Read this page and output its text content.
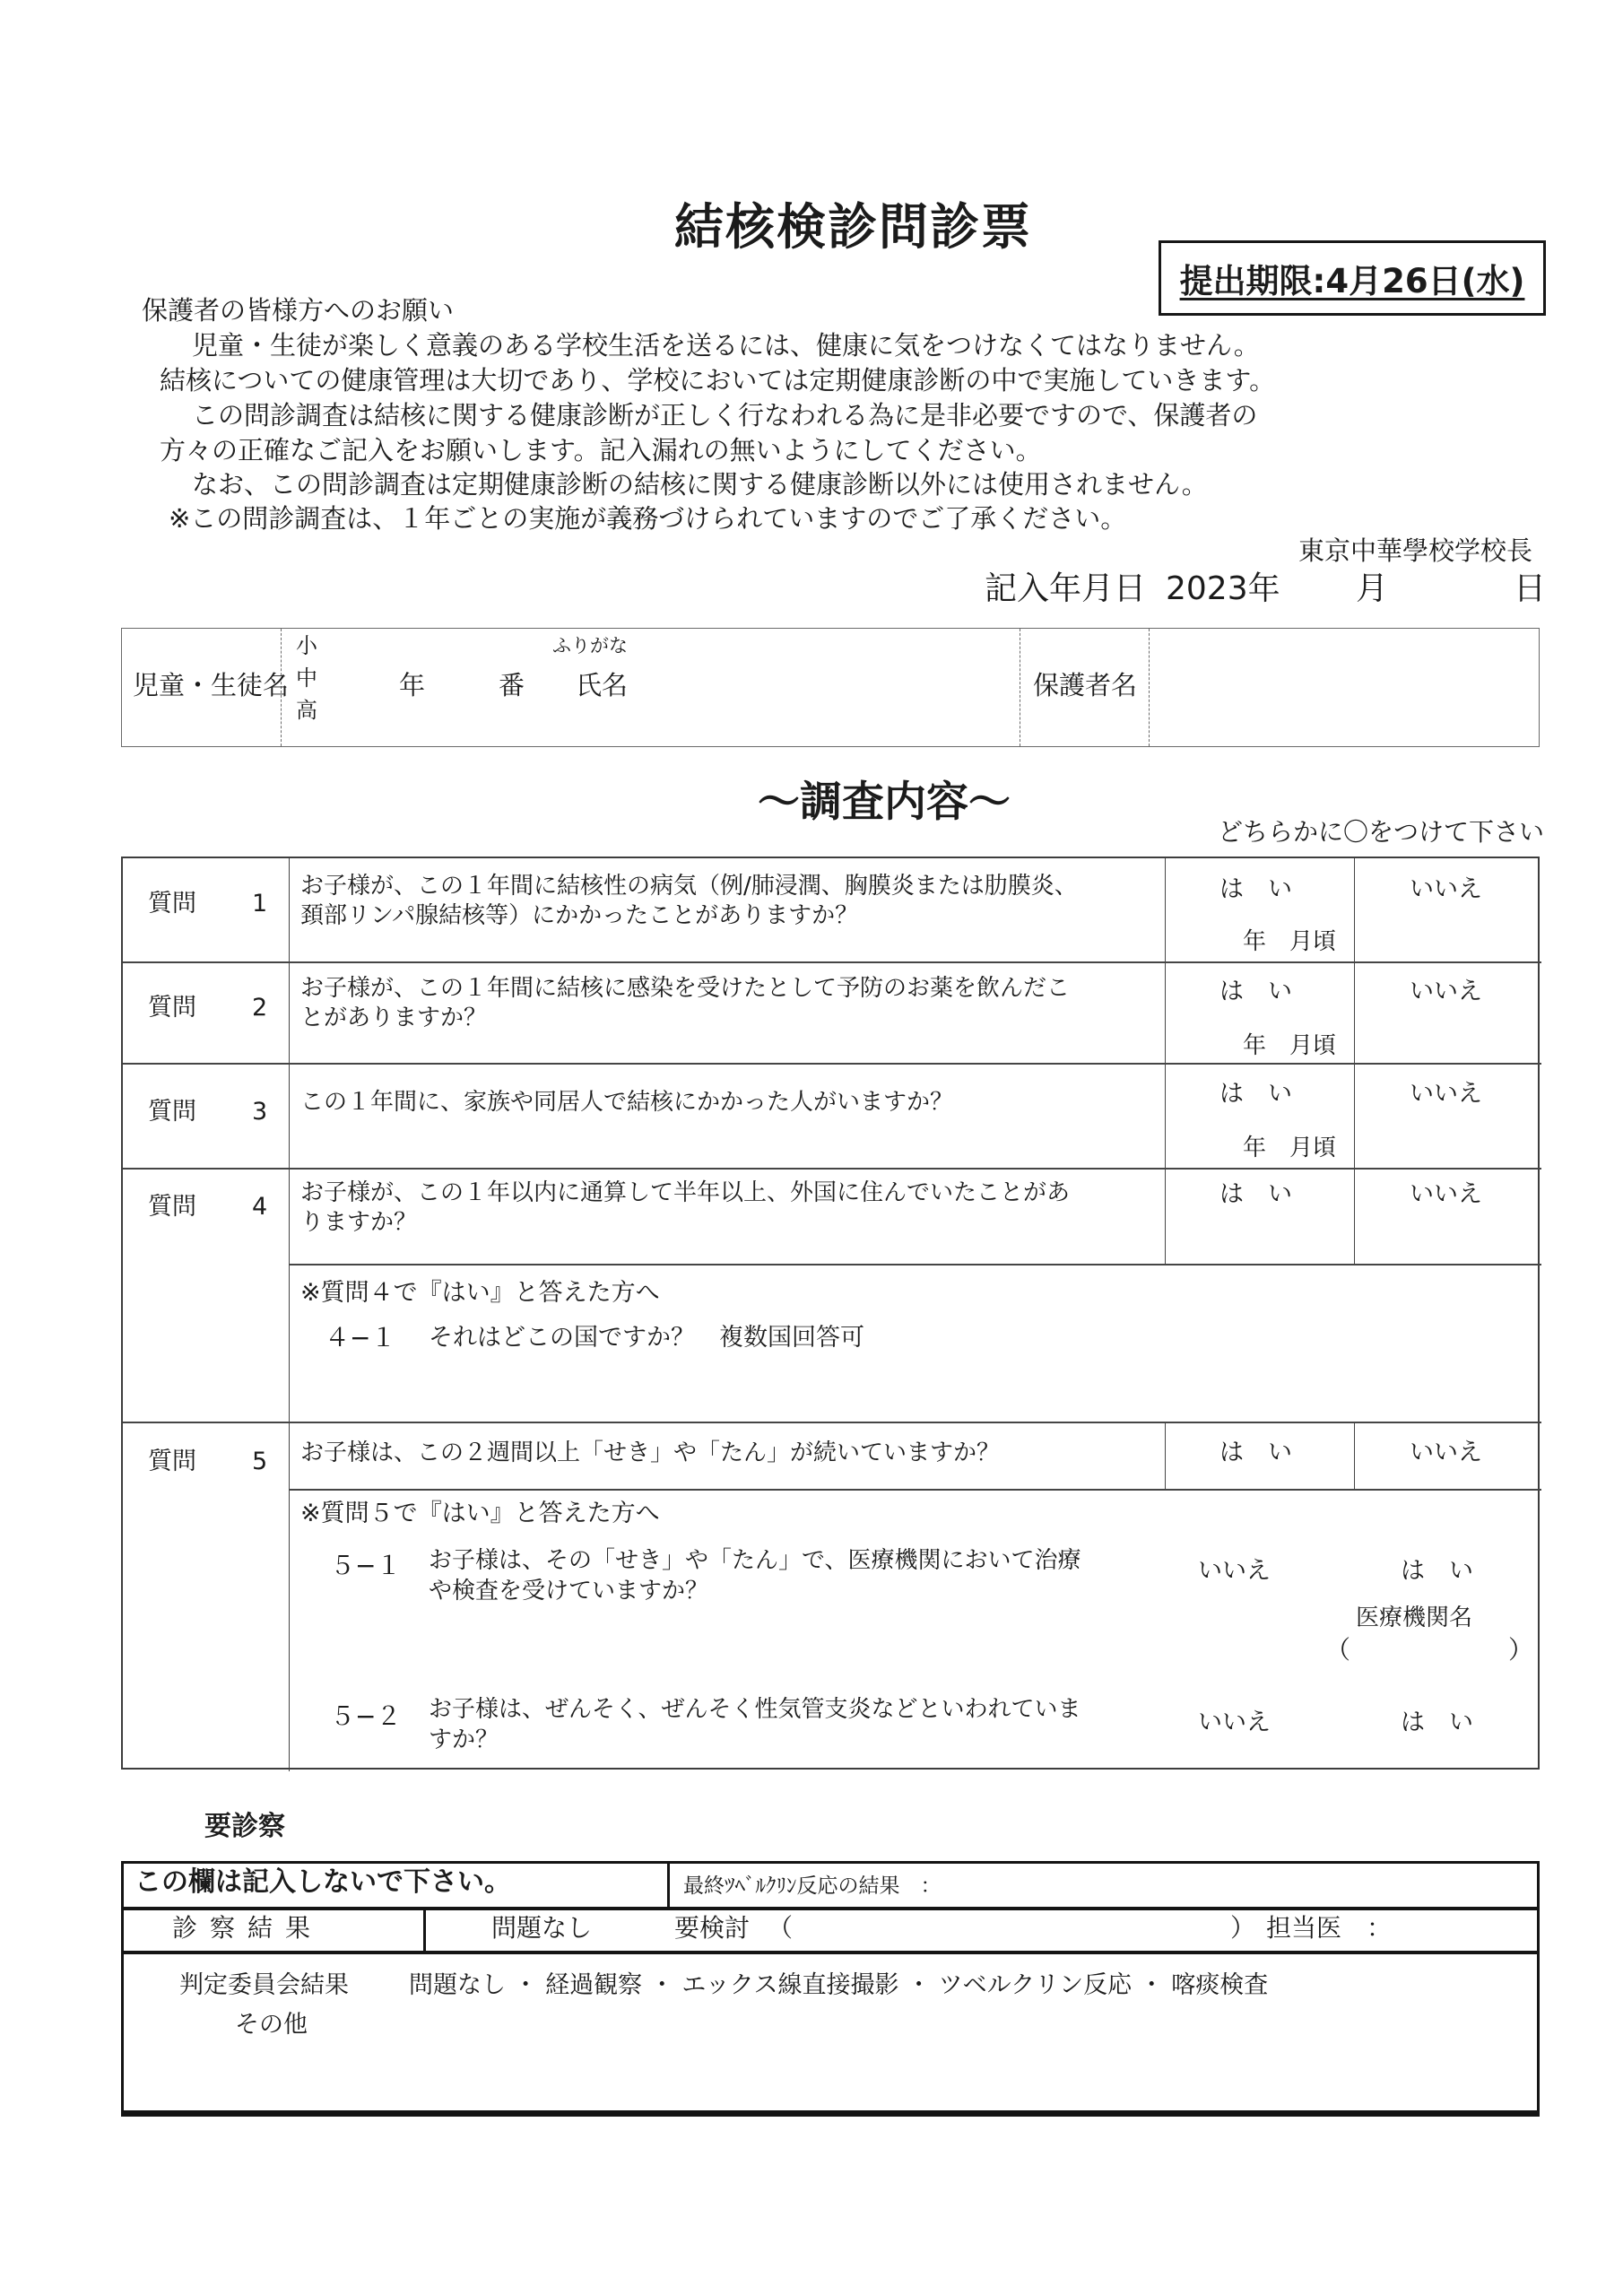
結核検診問診票
提出期限:4月26日(水)
保護者の皆様方へのお願い
児童・生徒が楽しく意義のある学校生活を送るには、健康に気をつけなくてはなりません。
結核についての健康管理は大切であり、学校においては定期健康診断の中で実施していきます。
この問診調査は結核に関する健康診断が正しく行なわれる為に是非必要ですので、保護者の
方々の正確なご記入をお願いします。記入漏れの無いようにしてください。
なお、この問診調査は定期健康診断の結核に関する健康診断以外には使用されません。
※この問診調査は、１年ごとの実施が義務づけられていますのでご了承ください。
東京中華學校学校長
記入年月日 2023年 月	日
児童・生徒名
小
中
高
年	番
ふりがな
氏名	保護者名
〜調査内容〜
どちらかに〇をつけて下さい
質問 1
お子様が、この１年間に結核性の病気（例/肺浸潤、胸膜炎または肋膜炎、
頚部リンパ腺結核等）にかかったことがありますか？
は　い	いいえ
年　月頃
質問 2
お子様が、この１年間に結核に感染を受けたとして予防のお薬を飲んだこ
とがありますか？
は　い	いいえ
年　月頃
質問 3 この１年間に、家族や同居人で結核にかかった人がいますか？	は　い	いいえ
年　月頃
質問 4 お子様が、この１年以内に通算して半年以上、外国に住んでいたことがあ
りますか？
は　い	いいえ
※質問４で『はい』と答えた方へ
４−１ それはどこの国ですか？　複数国回答可
質問 5 お子様は、この２週間以上「せき」や「たん」が続いていますか？	は　い	いいえ
※質問５で『はい』と答えた方へ
５−１ お子様は、その「せき」や「たん」で、医療機関において治療
や検査を受けていますか？
いいえ	は　い
医療機関名
（	）
５−２ お子様は、ぜんそく、ぜんそく性気管支炎などといわれていま
すか？
いいえ	は　い
要診察
この欄は記入しないで下さい。	最終ﾂﾍﾞﾙｸﾘﾝ反応の結果　：
診察結果	問題なし	要検討 （	） 担当医　：
判定委員会結果 問題なし ・ 経過観察 ・ エックス線直接撮影 ・ ツベルクリン反応 ・ 喀痰検査
その他
